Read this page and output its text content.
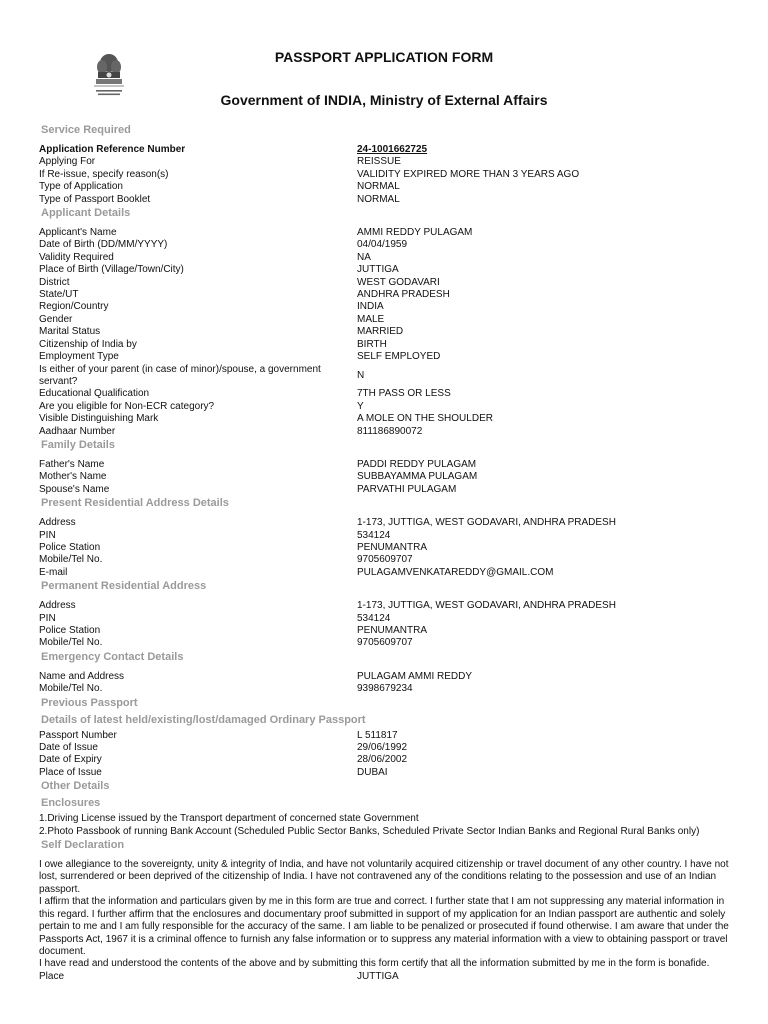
PASSPORT APPLICATION FORM
Government of INDIA, Ministry of External Affairs
Service Required
Application Reference Number	24-1001662725
Applying For	REISSUE
If Re-issue, specify reason(s)	VALIDITY EXPIRED MORE THAN 3 YEARS AGO
Type of Application	NORMAL
Type of Passport Booklet	NORMAL
Applicant Details
Applicant's Name	AMMI REDDY PULAGAM
Date of Birth (DD/MM/YYYY)	04/04/1959
Validity Required	NA
Place of Birth (Village/Town/City)	JUTTIGA
District	WEST GODAVARI
State/UT	ANDHRA PRADESH
Region/Country	INDIA
Gender	MALE
Marital Status	MARRIED
Citizenship of India by	BIRTH
Employment Type	SELF EMPLOYED
Is either of your parent (in case of minor)/spouse, a government servant?
N
Educational Qualification	7TH PASS OR LESS
Are you eligible for Non-ECR category?	Y
Visible Distinguishing Mark	A MOLE ON THE SHOULDER
Aadhaar Number	811186890072
Family Details
Father's Name	PADDI REDDY PULAGAM
Mother's Name	SUBBAYAMMA PULAGAM
Spouse's Name	PARVATHI PULAGAM
Present Residential Address Details
Address	1-173, JUTTIGA, WEST GODAVARI, ANDHRA PRADESH
PIN	534124
Police Station	PENUMANTRA
Mobile/Tel No.	9705609707
E-mail	PULAGAMVENKATAREDDY@GMAIL.COM
Permanent Residential Address
Address	1-173, JUTTIGA, WEST GODAVARI, ANDHRA PRADESH
PIN	534124
Police Station	PENUMANTRA
Mobile/Tel No.	9705609707
Emergency Contact Details
Name and Address	PULAGAM AMMI REDDY
Mobile/Tel No.	9398679234
Previous Passport
Details of latest held/existing/lost/damaged Ordinary Passport
Passport Number	L 511817
Date of Issue	29/06/1992
Date of Expiry	28/06/2002
Place of Issue	DUBAI
Other Details
Enclosures
1.Driving License issued by the Transport department of concerned state Government
2.Photo Passbook of running Bank Account (Scheduled Public Sector Banks, Scheduled Private Sector Indian Banks and Regional Rural Banks only)
Self Declaration
I owe allegiance to the sovereignty, unity & integrity of India, and have not voluntarily acquired citizenship or travel document of any other country. I have not lost, surrendered or been deprived of the citizenship of India. I have not contravened any of the conditions relating to the possession and use of an Indian passport.
I affirm that the information and particulars given by me in this form are true and correct. I further state that I am not suppressing any material information in this regard. I further affirm that the enclosures and documentary proof submitted in support of my application for an Indian passport are authentic and solely pertain to me and I am fully responsible for the accuracy of the same. I am liable to be penalized or prosecuted if found otherwise. I am aware that under the Passports Act, 1967 it is a criminal offence to furnish any false information or to suppress any material information with a view to obtaining passport or travel document.
I have read and understood the contents of the above and by submitting this form certify that all the information submitted by me in the form is bonafide.
Place	JUTTIGA
